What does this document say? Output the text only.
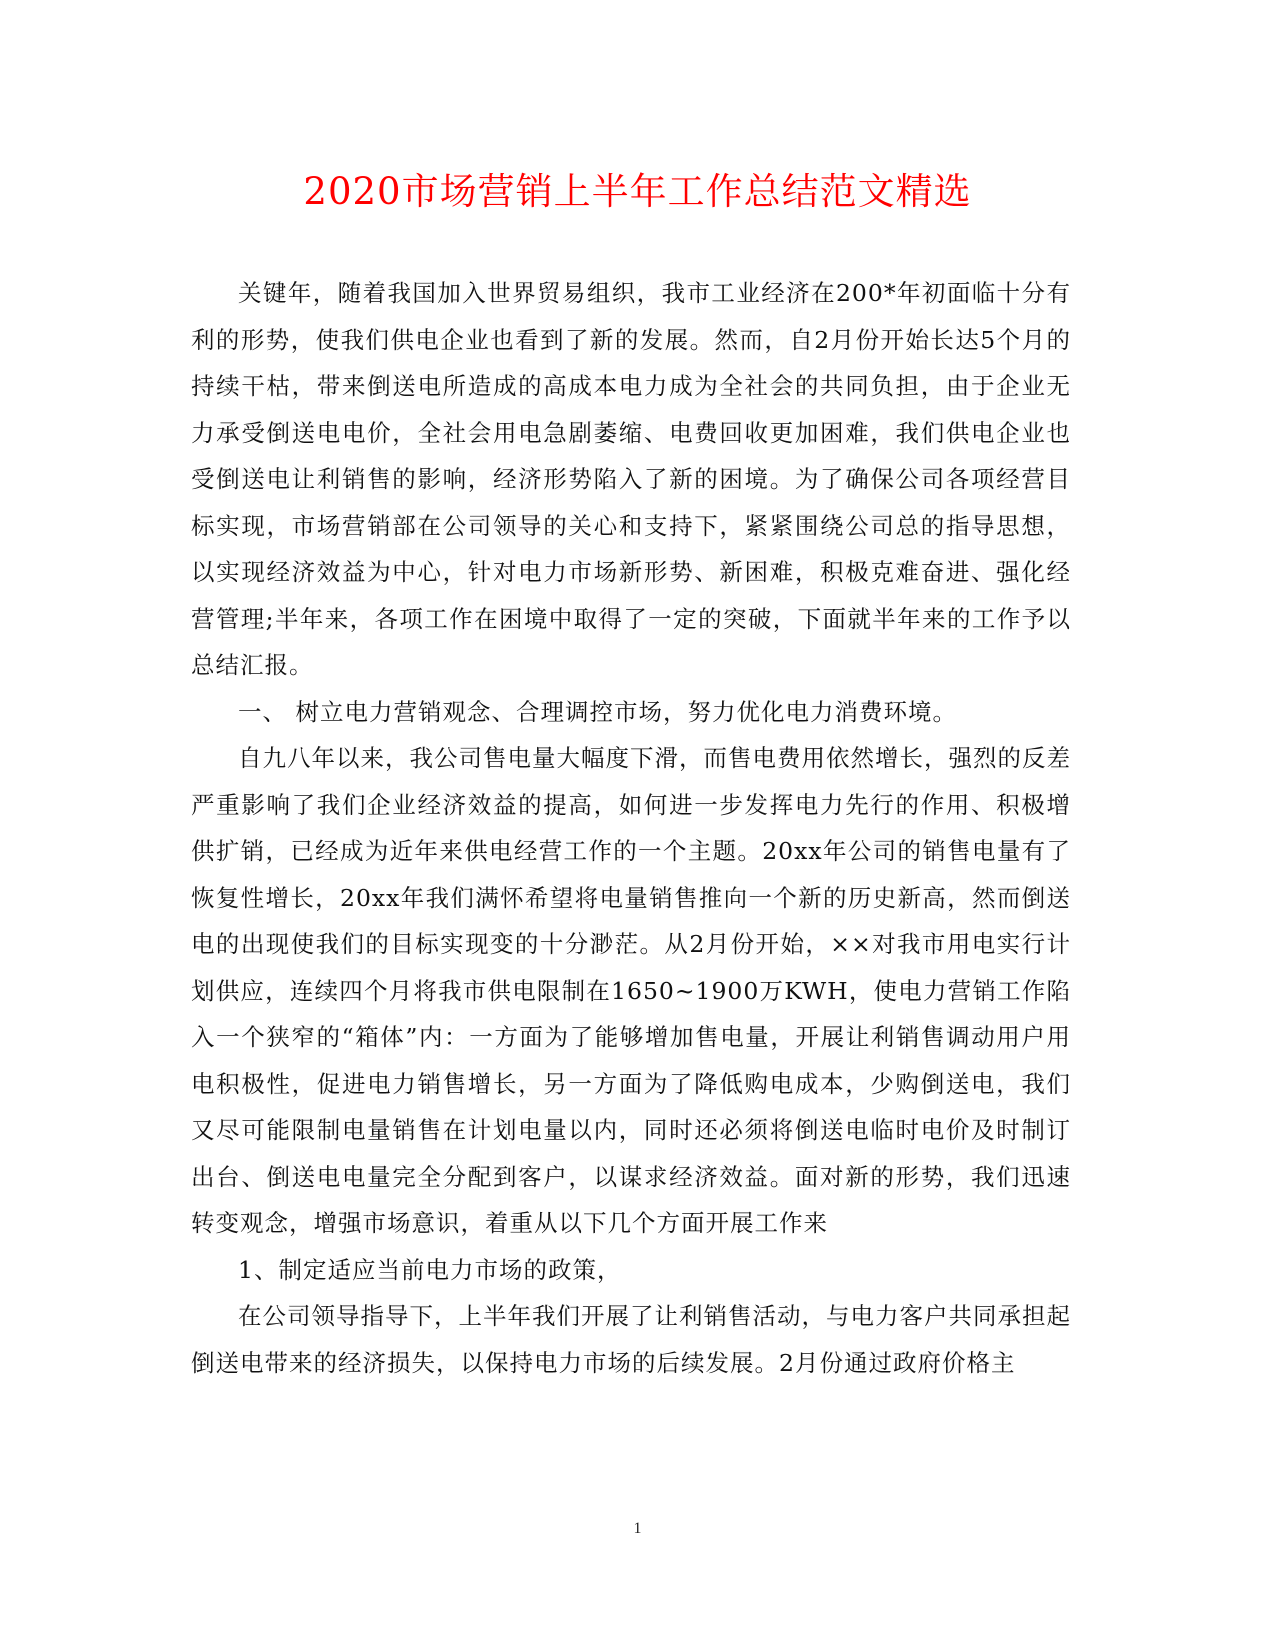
2020市场营销上半年工作总结范文精选

关键年，随着我国加入世界贸易组织，我市工业经济在200*年初面临十分有利的形势，使我们供电企业也看到了新的发展。然而，自2月份开始长达5个月的持续干枯，带来倒送电所造成的高成本电力成为全社会的共同负担，由于企业无力承受倒送电电价，全社会用电急剧萎缩、电费回收更加困难，我们供电企业也受倒送电让利销售的影响，经济形势陷入了新的困境。为了确保公司各项经营目标实现，市场营销部在公司领导的关心和支持下，紧紧围绕公司总的指导思想，以实现经济效益为中心，针对电力市场新形势、新困难，积极克难奋进、强化经营管理;半年来，各项工作在困境中取得了一定的突破，下面就半年来的工作予以总结汇报。

一、 树立电力营销观念、合理调控市场，努力优化电力消费环境。

自九八年以来，我公司售电量大幅度下滑，而售电费用依然增长，强烈的反差严重影响了我们企业经济效益的提高，如何进一步发挥电力先行的作用、积极增供扩销，已经成为近年来供电经营工作的一个主题。20xx年公司的销售电量有了恢复性增长，20xx年我们满怀希望将电量销售推向一个新的历史新高，然而倒送电的出现使我们的目标实现变的十分渺茫。从2月份开始，××对我市用电实行计划供应，连续四个月将我市供电限制在1650~1900万KWH，使电力营销工作陷入一个狭窄的“箱体”内：一方面为了能够增加售电量，开展让利销售调动用户用电积极性，促进电力销售增长，另一方面为了降低购电成本，少购倒送电，我们又尽可能限制电量销售在计划电量以内，同时还必须将倒送电临时电价及时制订出台、倒送电电量完全分配到客户，以谋求经济效益。面对新的形势，我们迅速转变观念，增强市场意识，着重从以下几个方面开展工作来

1、制定适应当前电力市场的政策，

在公司领导指导下，上半年我们开展了让利销售活动，与电力客户共同承担起倒送电带来的经济损失，以保持电力市场的后续发展。2月份通过政府价格主

1
